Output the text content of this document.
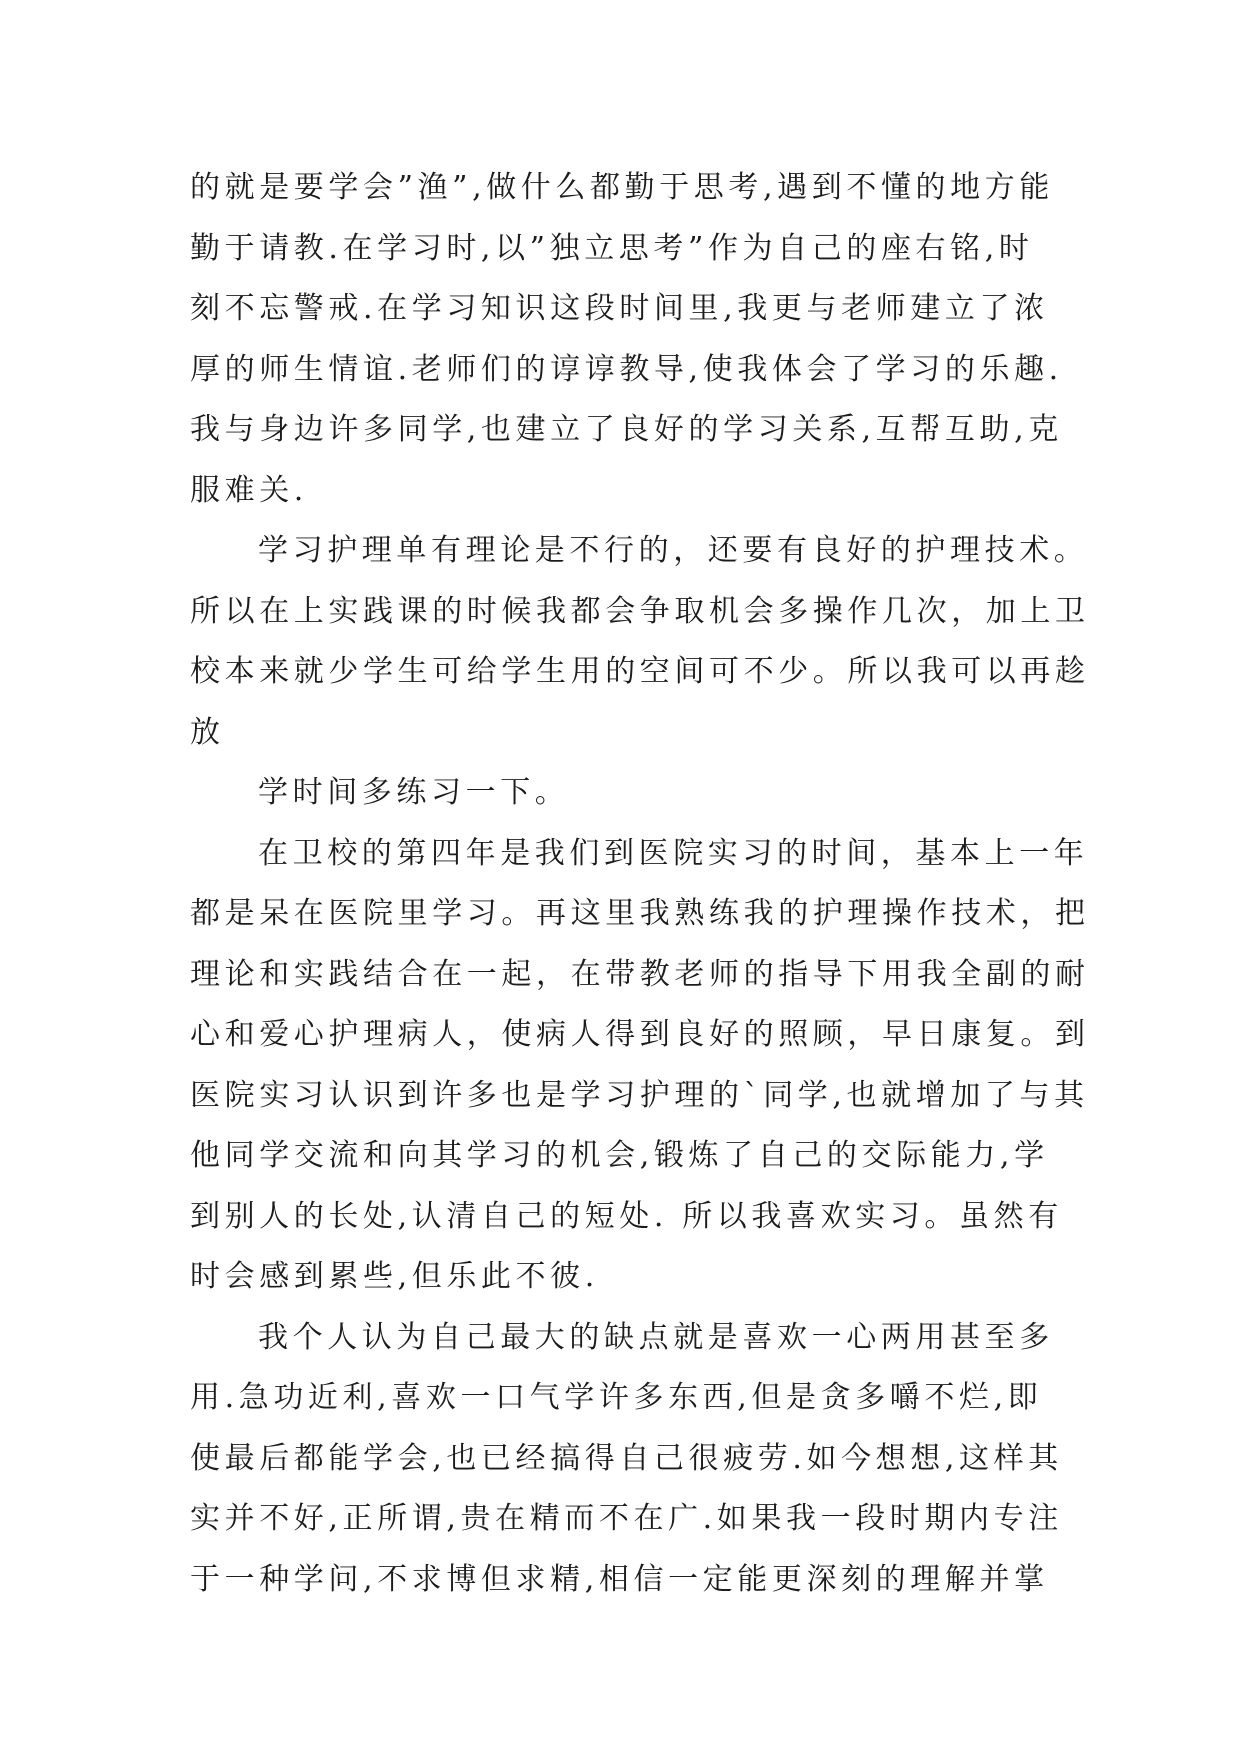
的就是要学会”渔”,做什么都勤于思考,遇到不懂的地方能
勤于请教.在学习时,以”独立思考”作为自己的座右铭,时
刻不忘警戒.在学习知识这段时间里,我更与老师建立了浓
厚的师生情谊.老师们的谆谆教导,使我体会了学习的乐趣.
我与身边许多同学,也建立了良好的学习关系,互帮互助,克
服难关.
学习护理单有理论是不行的，还要有良好的护理技术。
所以在上实践课的时候我都会争取机会多操作几次，加上卫
校本来就少学生可给学生用的空间可不少。所以我可以再趁
放
学时间多练习一下。
在卫校的第四年是我们到医院实习的时间，基本上一年
都是呆在医院里学习。再这里我熟练我的护理操作技术，把
理论和实践结合在一起，在带教老师的指导下用我全副的耐
心和爱心护理病人，使病人得到良好的照顾，早日康复。到
医院实习认识到许多也是学习护理的`同学,也就增加了与其
他同学交流和向其学习的机会,锻炼了自己的交际能力,学
到别人的长处,认清自己的短处. 所以我喜欢实习。虽然有
时会感到累些,但乐此不彼.
我个人认为自己最大的缺点就是喜欢一心两用甚至多
用.急功近利,喜欢一口气学许多东西,但是贪多嚼不烂,即
使最后都能学会,也已经搞得自己很疲劳.如今想想,这样其
实并不好,正所谓,贵在精而不在广.如果我一段时期内专注
于一种学问,不求博但求精,相信一定能更深刻的理解并掌
